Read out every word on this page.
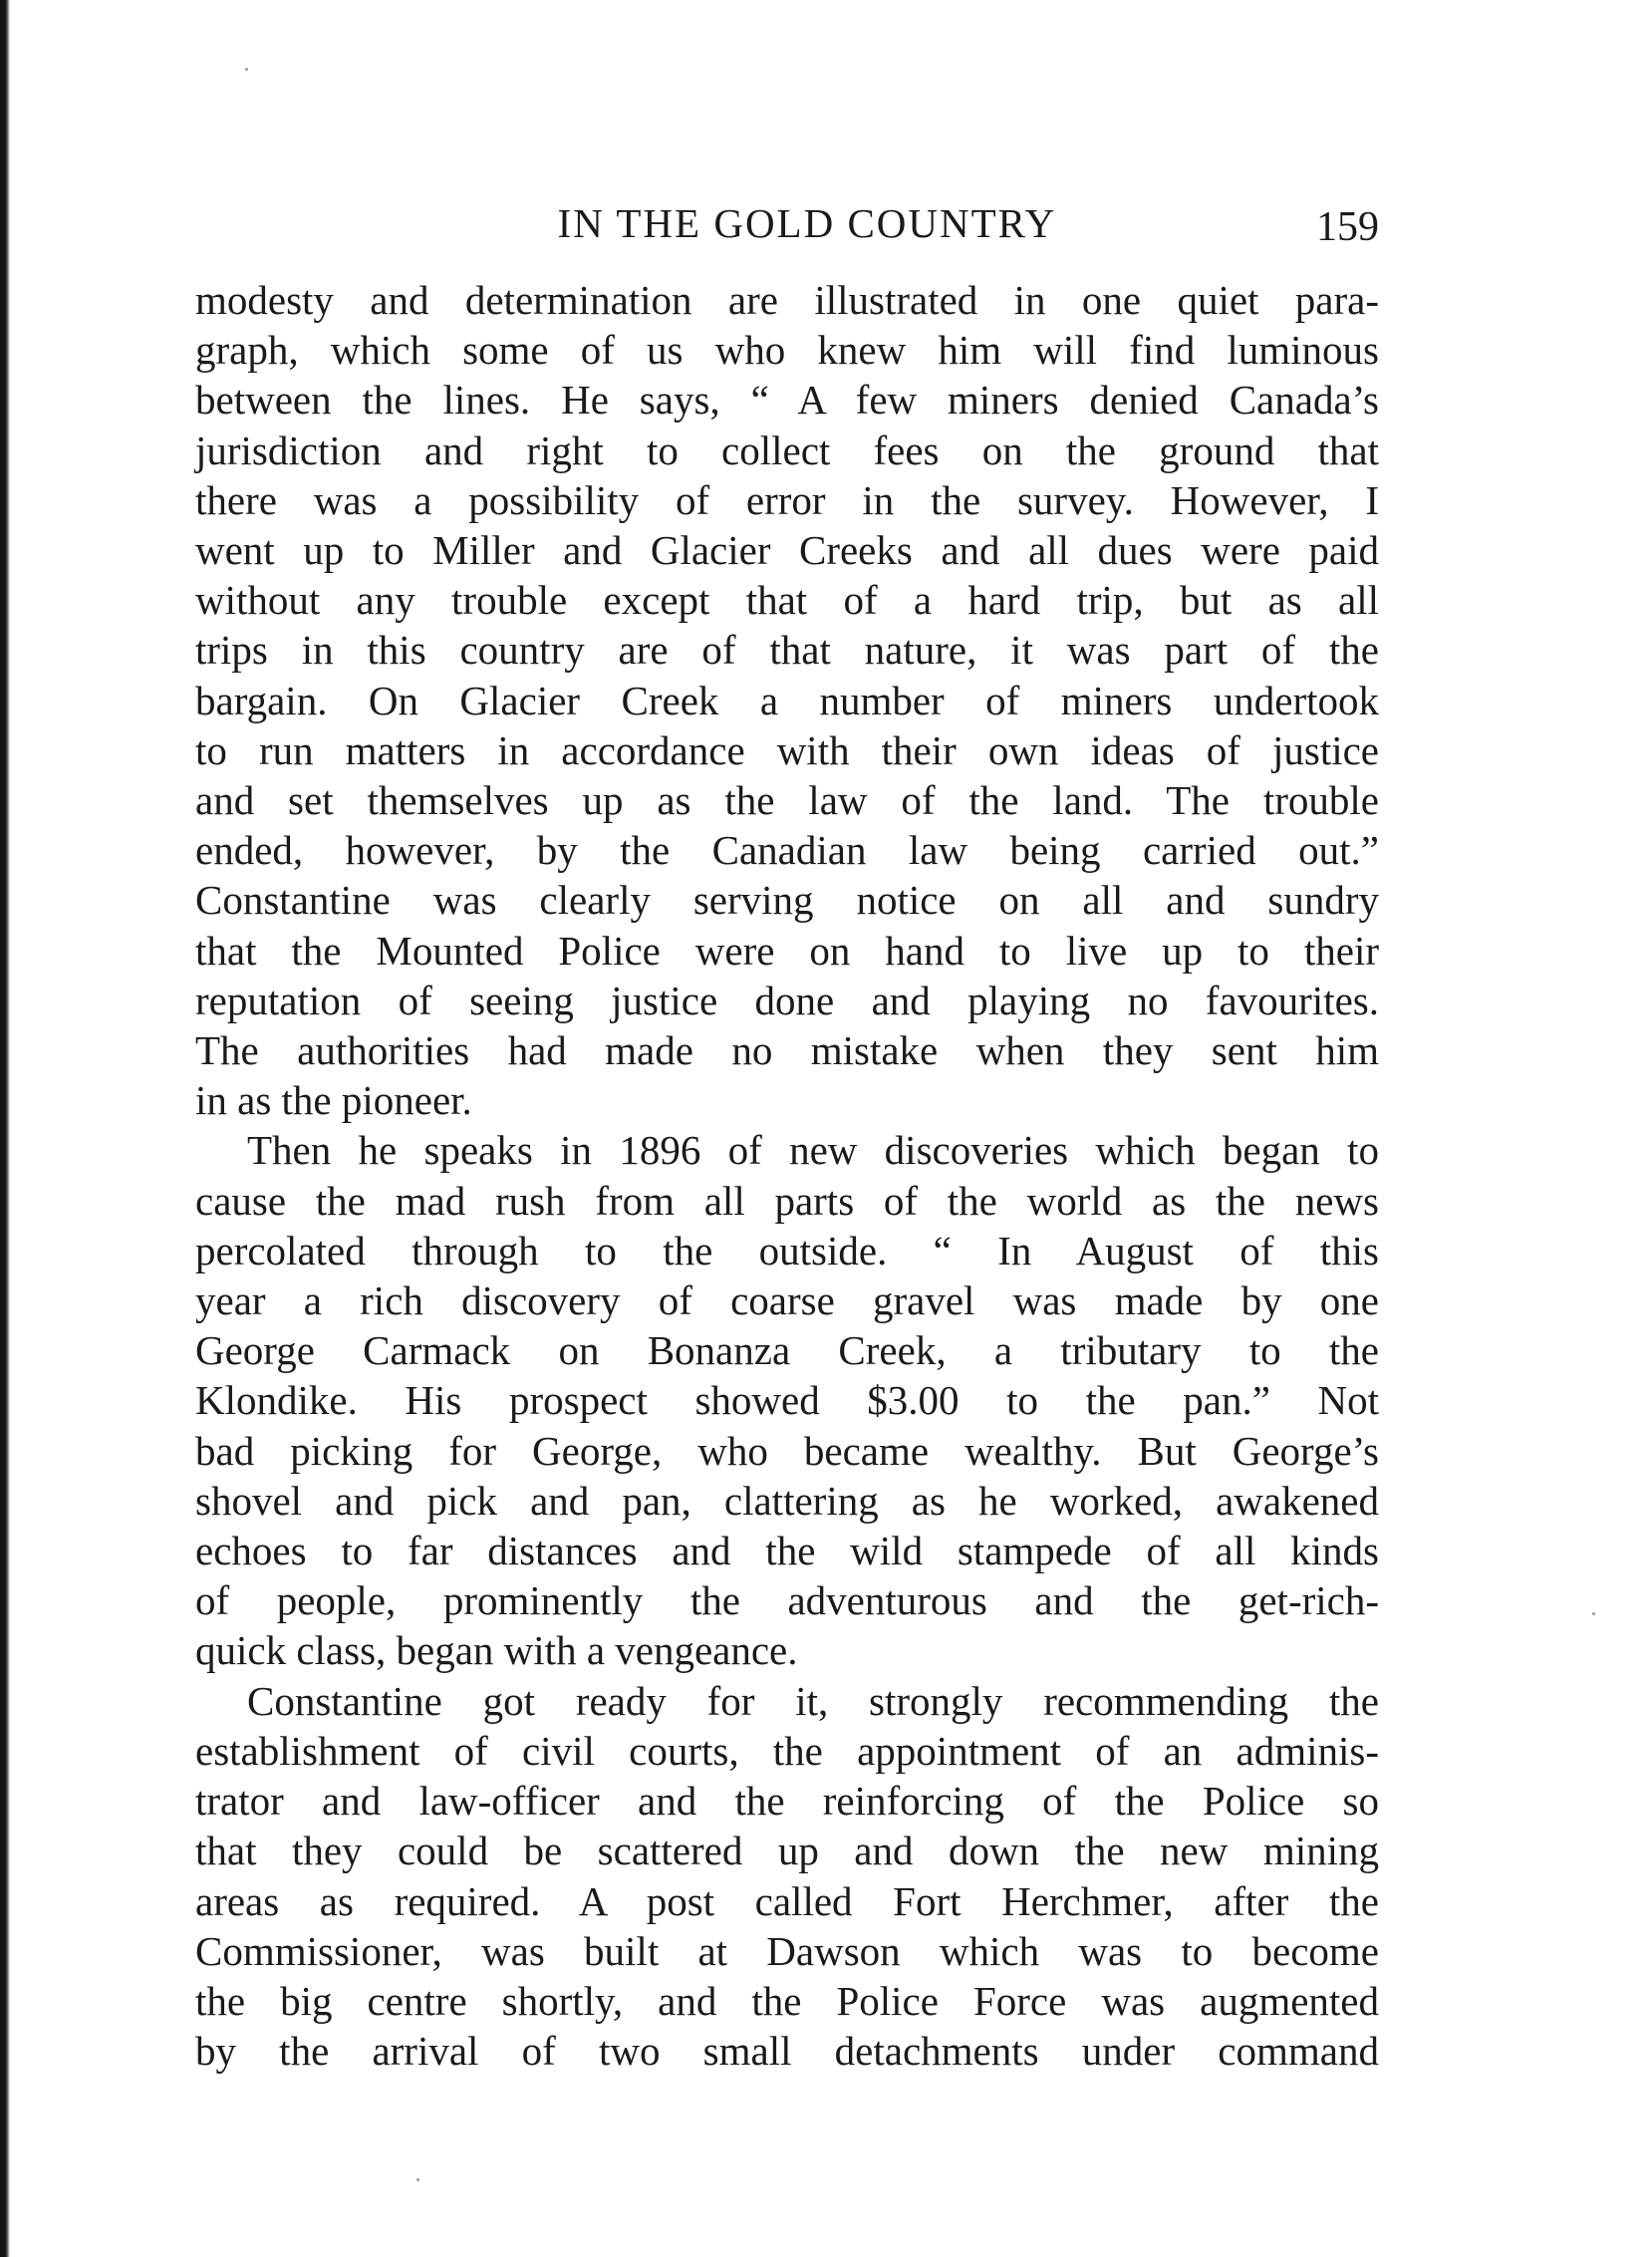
IN THE GOLD COUNTRY	159

modesty and determination are illustrated in one quiet para-
graph, which some of us who knew him will find luminous
between the lines. He says, “ A few miners denied Canada’s
jurisdiction and right to collect fees on the ground that
there was a possibility of error in the survey. However, I
went up to Miller and Glacier Creeks and all dues were paid
without any trouble except that of a hard trip, but as all
trips in this country are of that nature, it was part of the
bargain. On Glacier Creek a number of miners undertook
to run matters in accordance with their own ideas of justice
and set themselves up as the law of the land. The trouble
ended, however, by the Canadian law being carried out.”
Constantine was clearly serving notice on all and sundry
that the Mounted Police were on hand to live up to their
reputation of seeing justice done and playing no favourites.
The authorities had made no mistake when they sent him
in as the pioneer.

Then he speaks in 1896 of new discoveries which began to
cause the mad rush from all parts of the world as the news
percolated through to the outside. “ In August of this
year a rich discovery of coarse gravel was made by one
George Carmack on Bonanza Creek, a tributary to the
Klondike. His prospect showed $3.00 to the pan.” Not
bad picking for George, who became wealthy. But George’s
shovel and pick and pan, clattering as he worked, awakened
echoes to far distances and the wild stampede of all kinds
of people, prominently the adventurous and the get-rich-
quick class, began with a vengeance.

Constantine got ready for it, strongly recommending the
establishment of civil courts, the appointment of an adminis-
trator and law-officer and the reinforcing of the Police so
that they could be scattered up and down the new mining
areas as required. A post called Fort Herchmer, after the
Commissioner, was built at Dawson which was to become
the big centre shortly, and the Police Force was augmented
by the arrival of two small detachments under command
